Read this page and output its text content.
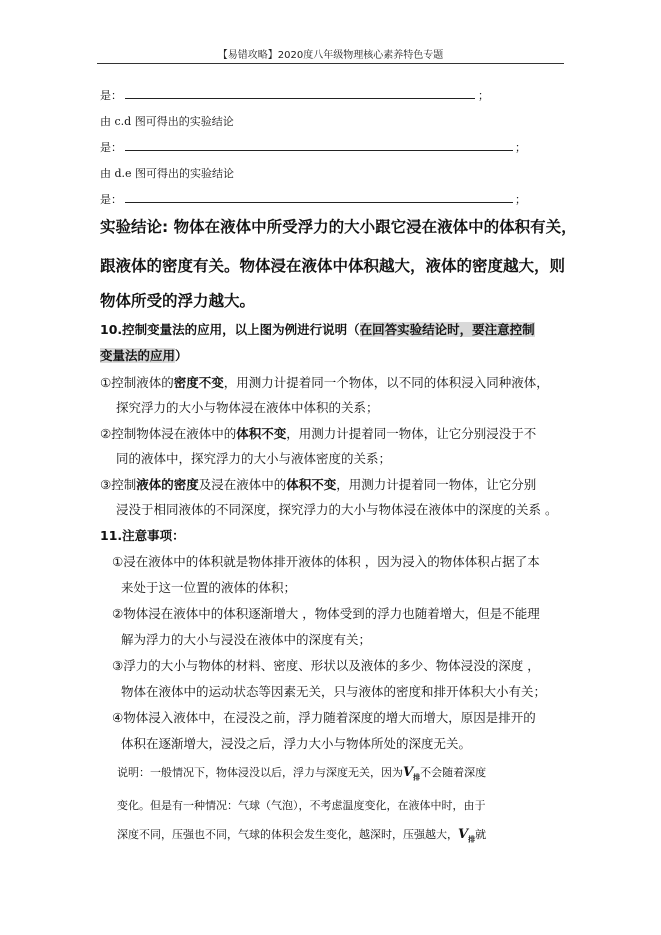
【易错攻略】2020度八年级物理核心素养特色专题
是：	；
由 c.d 图可得出的实验结论
是：	；
由 d.e 图可得出的实验结论
是：	；
实验结论: 物体在液体中所受浮力的大小跟它浸在液体中的体积有关，
跟液体的密度有关。物体浸在液体中体积越大，液体的密度越大，则
物体所受的浮力越大。
10.控制变量法的应用，以上图为例进行说明（在回答实验结论时，要注意控制
变量法的应用）
①控制液体的密度不变，用测力计提着同一个物体，以不同的体积浸入同种液体，
探究浮力的大小与物体浸在液体中体积的关系；
②控制物体浸在液体中的体积不变，用测力计提着同一物体，让它分别浸没于不
同的液体中，探究浮力的大小与液体密度的关系；
③控制液体的密度及浸在液体中的体积不变，用测力计提着同一物体，让它分别
浸没于相同液体的不同深度，探究浮力的大小与物体浸在液体中的深度的关系 。
11.注意事项：
①浸在液体中的体积就是物体排开液体的体积 ，因为浸入的物体体积占据了本
来处于这一位置的液体的体积；
②物体浸在液体中的体积逐渐增大 ，物体受到的浮力也随着增大，但是不能理
解为浮力的大小与浸没在液体中的深度有关；
③浮力的大小与物体的材料、密度、形状以及液体的多少、物体浸没的深度 ，
物体在液体中的运动状态等因素无关，只与液体的密度和排开体积大小有关；
④物体浸入液体中，在浸没之前，浮力随着深度的增大而增大，原因是排开的
体积在逐渐增大，浸没之后，浮力大小与物体所处的深度无关。
说明：一般情况下，物体浸没以后，浮力与深度无关，因为$V_排$不会随着深度
变化。但是有一种情况：气球（气泡），不考虑温度变化，在液体中时，由于
深度不同，压强也不同，气球的体积会发生变化，越深时，压强越大，$V_排$就
